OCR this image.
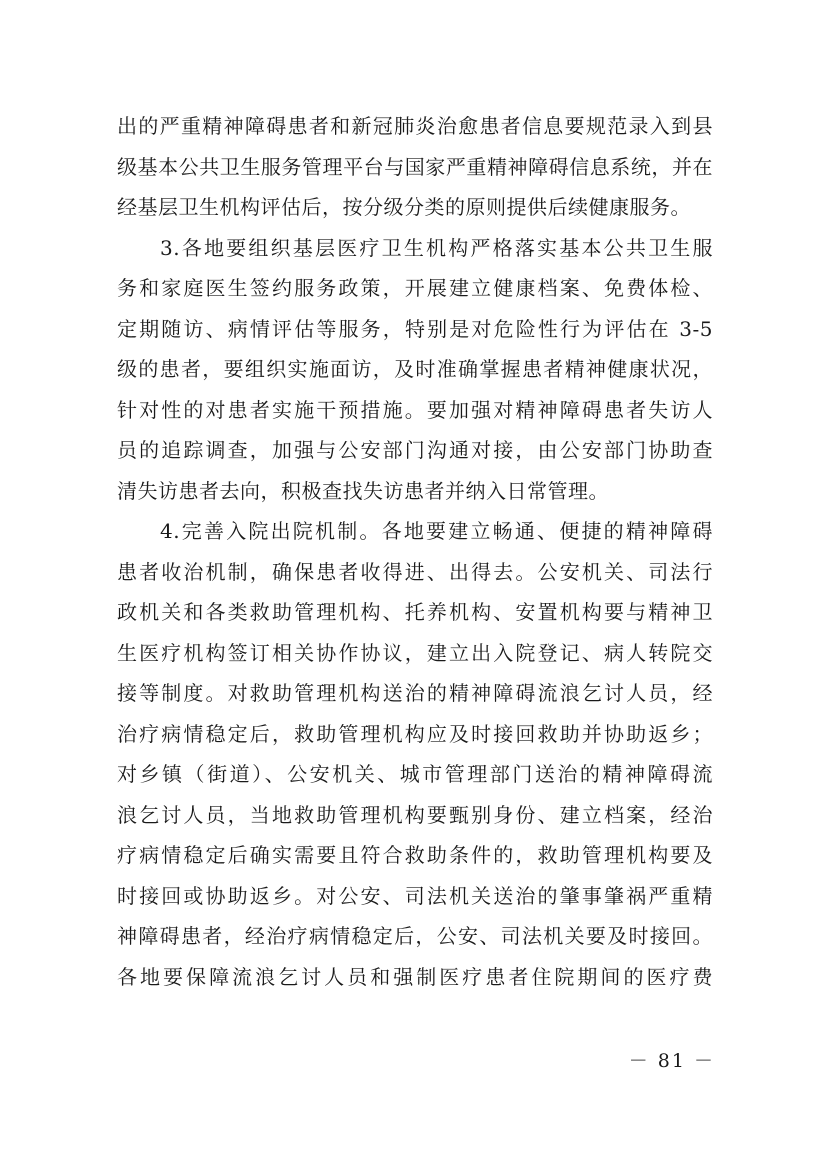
出的严重精神障碍患者和新冠肺炎治愈患者信息要规范录入到县
级基本公共卫生服务管理平台与国家严重精神障碍信息系统，并在
经基层卫生机构评估后，按分级分类的原则提供后续健康服务。
3.各地要组织基层医疗卫生机构严格落实基本公共卫生服
务和家庭医生签约服务政策，开展建立健康档案、免费体检、
定期随访、病情评估等服务，特别是对危险性行为评估在 3-5
级的患者，要组织实施面访，及时准确掌握患者精神健康状况，
针对性的对患者实施干预措施。要加强对精神障碍患者失访人
员的追踪调查，加强与公安部门沟通对接，由公安部门协助查
清失访患者去向，积极查找失访患者并纳入日常管理。
4.完善入院出院机制。各地要建立畅通、便捷的精神障碍
患者收治机制，确保患者收得进、出得去。公安机关、司法行
政机关和各类救助管理机构、托养机构、安置机构要与精神卫
生医疗机构签订相关协作协议，建立出入院登记、病人转院交
接等制度。对救助管理机构送治的精神障碍流浪乞讨人员，经
治疗病情稳定后，救助管理机构应及时接回救助并协助返乡；
对乡镇（街道）、公安机关、城市管理部门送治的精神障碍流
浪乞讨人员，当地救助管理机构要甄别身份、建立档案，经治
疗病情稳定后确实需要且符合救助条件的，救助管理机构要及
时接回或协助返乡。对公安、司法机关送治的肇事肇祸严重精
神障碍患者，经治疗病情稳定后，公安、司法机关要及时接回。
各地要保障流浪乞讨人员和强制医疗患者住院期间的医疗费
－ 81 －
